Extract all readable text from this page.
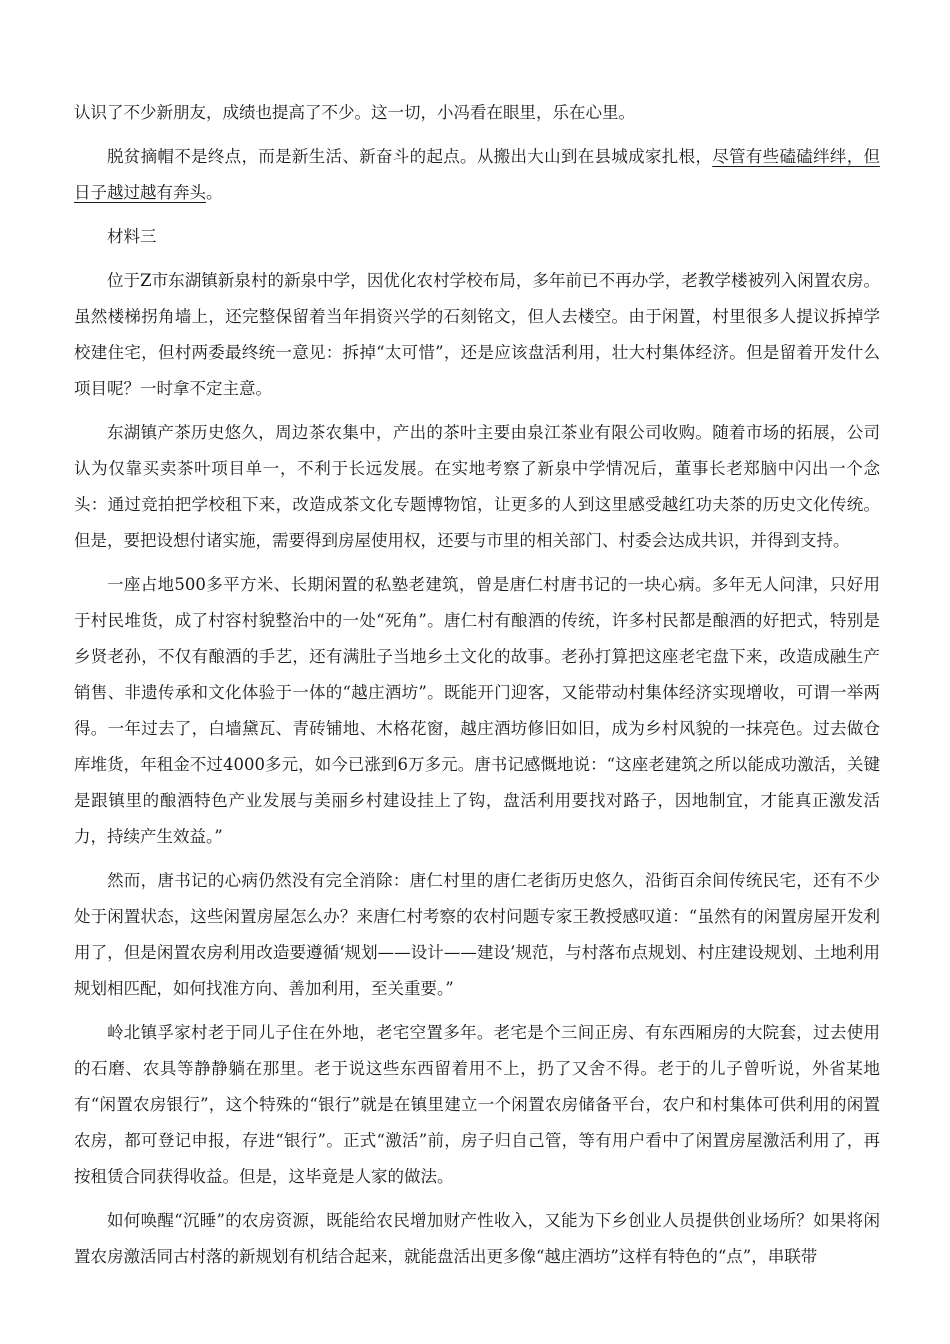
认识了不少新朋友，成绩也提高了不少。这一切，小冯看在眼里，乐在心里。

脱贫摘帽不是终点，而是新生活、新奋斗的起点。从搬出大山到在县城成家扎根，尽管有些磕磕绊绊，但日子越过越有奔头。

材料三

位于Z市东湖镇新泉村的新泉中学，因优化农村学校布局，多年前已不再办学，老教学楼被列入闲置农房。虽然楼梯拐角墙上，还完整保留着当年捐资兴学的石刻铭文，但人去楼空。由于闲置，村里很多人提议拆掉学校建住宅，但村两委最终统一意见：拆掉“太可惜”，还是应该盘活利用，壮大村集体经济。但是留着开发什么项目呢？一时拿不定主意。

东湖镇产茶历史悠久，周边茶农集中，产出的茶叶主要由泉江茶业有限公司收购。随着市场的拓展，公司认为仅靠买卖茶叶项目单一，不利于长远发展。在实地考察了新泉中学情况后，董事长老郑脑中闪出一个念头：通过竞拍把学校租下来，改造成茶文化专题博物馆，让更多的人到这里感受越红功夫茶的历史文化传统。但是，要把设想付诸实施，需要得到房屋使用权，还要与市里的相关部门、村委会达成共识，并得到支持。

一座占地500多平方米、长期闲置的私塾老建筑，曾是唐仁村唐书记的一块心病。多年无人问津，只好用于村民堆货，成了村容村貌整治中的一处“死角”。唐仁村有酿酒的传统，许多村民都是酿酒的好把式，特别是乡贤老孙，不仅有酿酒的手艺，还有满肚子当地乡土文化的故事。老孙打算把这座老宅盘下来，改造成融生产销售、非遗传承和文化体验于一体的“越庄酒坊”。既能开门迎客，又能带动村集体经济实现增收，可谓一举两得。一年过去了，白墙黛瓦、青砖铺地、木格花窗，越庄酒坊修旧如旧，成为乡村风貌的一抹亮色。过去做仓库堆货，年租金不过4000多元，如今已涨到6万多元。唐书记感慨地说：“这座老建筑之所以能成功激活，关键是跟镇里的酿酒特色产业发展与美丽乡村建设挂上了钩，盘活利用要找对路子，因地制宜，才能真正激发活力，持续产生效益。”

然而，唐书记的心病仍然没有完全消除：唐仁村里的唐仁老街历史悠久，沿街百余间传统民宅，还有不少处于闲置状态，这些闲置房屋怎么办？来唐仁村考察的农村问题专家王教授感叹道：“虽然有的闲置房屋开发利用了，但是闲置农房利用改造要遵循‘规划——设计——建设’规范，与村落布点规划、村庄建设规划、土地利用规划相匹配，如何找准方向、善加利用，至关重要。”

岭北镇孚家村老于同儿子住在外地，老宅空置多年。老宅是个三间正房、有东西厢房的大院套，过去使用的石磨、农具等静静躺在那里。老于说这些东西留着用不上，扔了又舍不得。老于的儿子曾听说，外省某地有“闲置农房银行”，这个特殊的“银行”就是在镇里建立一个闲置农房储备平台，农户和村集体可供利用的闲置农房，都可登记申报，存进“银行”。正式“激活”前，房子归自己管，等有用户看中了闲置房屋激活利用了，再按租赁合同获得收益。但是，这毕竟是人家的做法。

如何唤醒“沉睡”的农房资源，既能给农民增加财产性收入，又能为下乡创业人员提供创业场所？如果将闲置农房激活同古村落的新规划有机结合起来，就能盘活出更多像“越庄酒坊”这样有特色的“点”，串联带
